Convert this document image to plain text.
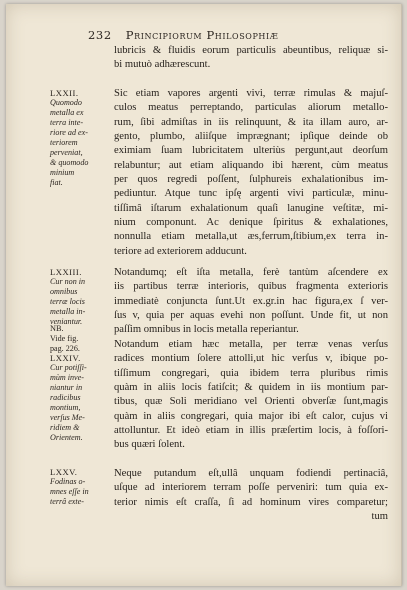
232 Principiorum Philosophiæ
lubricis & fluidis eorum particulis abeuntibus, reliquæ si-
bi mutuò adhærescunt.
Sic etiam vapores argenti vivi, terræ rimulas & majuſ-
culos meatus perreptando, particulas aliorum metallo-
rum, ſibi admiſtas in iis relinquunt, & ita illam auro, ar-
gento, plumbo, aliiſque imprægnant; ipſique deinde ob
eximiam ſuam lubricitatem ulteriùs pergunt,aut deorſum
relabuntur; aut etiam aliquando ibi hærent, cùm meatus
per quos regredi poſſent, ſulphureis exhalationibus im-
pediuntur. Atque tunc ipſę argenti vivi particulæ, minu-
tiſſimâ iſtarum exhalationum quaſi lanugine veſtitæ, mi-
nium componunt. Ac denique ſpiritus & exhalationes,
nonnulla etiam metalla,ut æs,ferrum,ſtibium,ex terra in-
teriore ad exteriorem adducunt.
Notandumq; eſt iſta metalla, ferè tantùm aſcendere ex
iis partibus terræ interioris, quibus fragmenta exterioris
immediatè conjuncta ſunt.Ut ex.gr.in hac figura,ex ſ ver-
ſus v, quia per aquas evehi non poſſunt. Unde fit, ut non
paſſim omnibus in locis metalla reperiantur.
Notandum etiam hæc metalla, per terræ venas verſus
radices montium ſolere attolli,ut hic verſus v, ibique po-
tiſſimum congregari, quia ibidem terra pluribus rimis
quàm in aliis locis fatiſcit; & quidem in iis montium par-
tibus, quæ Soli meridiano vel Orienti obverſæ ſunt,magis
quàm in aliis congregari, quia major ibi eſt calor, cujus vi
attolluntur. Et ideò etiam in illis præſertim locis, à foſſori-
bus quæri ſolent.
Neque putandum eſt,ullâ unquam fodiendi pertinaciâ,
uſque ad interiorem terram poſſe perveniri: tum quia ex-
terior nimis eſt craſſa, ſi ad hominum vires comparetur;
tum
LXXII.
Quomodo
metalla ex
terra inte-
riore ad ex-
teriorem
perveniat,
& quomodo
minium
fiat.
LXXIII.
Cur non in
omnibus
terræ locis
metalla in-
veniantur.
NB.
Vide fig.
pag. 226.
LXXIV.
Cur potiſſi-
mùm inve-
niantur in
radicibus
montium,
verſus Me-
ridiem &
Orientem.
LXXV.
Fodinas o-
mnes eſſe in
terrâ exte-
